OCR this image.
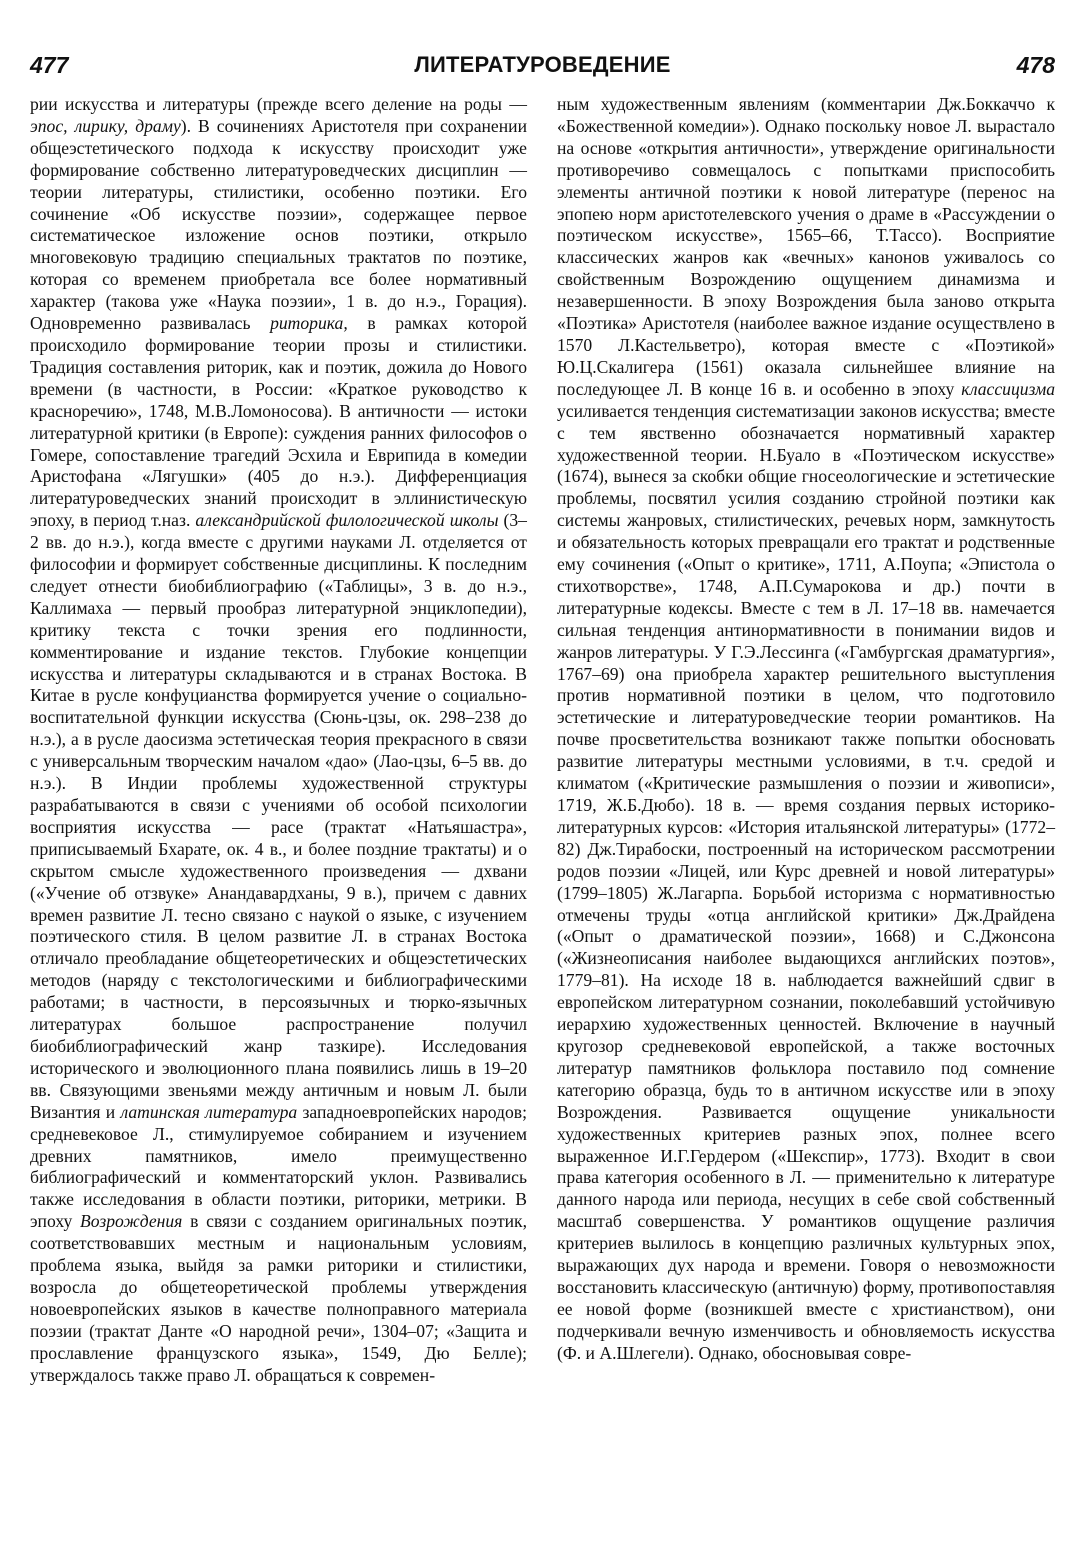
477	ЛИТЕРАТУРОВЕДЕНИЕ	478

рии искусства и литературы (прежде всего деление на роды — эпос, лирику, драму). В сочинениях Аристотеля при сохранении общеэстетического подхода к искусству происходит уже формирование собственно литературоведческих дисциплин — теории литературы, стилистики, особенно поэтики. Его сочинение «Об искусстве поэзии», содержащее первое систематическое изложение основ поэтики, открыло многовековую традицию специальных трактатов по поэтике, которая со временем приобретала все более нормативный характер (такова уже «Наука поэзии», 1 в. до н.э., Горация). Одновременно развивалась риторика, в рамках которой происходило формирование теории прозы и стилистики. Традиция составления риторик, как и поэтик, дожила до Нового времени (в частности, в России: «Краткое руководство к красноречию», 1748, М.В.Ломоносова). В античности — истоки литературной критики (в Европе): суждения ранних философов о Гомере, сопоставление трагедий Эсхила и Еврипида в комедии Аристофана «Лягушки» (405 до н.э.). Дифференциация литературоведческих знаний происходит в эллинистическую эпоху, в период т.наз. александрийской филологической школы (3–2 вв. до н.э.), когда вместе с другими науками Л. отделяется от философии и формирует собственные дисциплины. К последним следует отнести биобиблиографию («Таблицы», 3 в. до н.э., Каллимаха — первый прообраз литературной энциклопедии), критику текста с точки зрения его подлинности, комментирование и издание текстов. Глубокие концепции искусства и литературы складываются и в странах Востока. В Китае в русле конфуцианства формируется учение о социально-воспитательной функции искусства (Сюнь-цзы, ок. 298–238 до н.э.), а в русле даосизма эстетическая теория прекрасного в связи с универсальным творческим началом «дао» (Лао-цзы, 6–5 вв. до н.э.). В Индии проблемы художественной структуры разрабатываются в связи с учениями об особой психологии восприятия искусства — расе (трактат «Натьяшастра», приписываемый Бхарате, ок. 4 в., и более поздние трактаты) и о скрытом смысле художественного произведения — дхвани («Учение об отзвуке» Анандавардханы, 9 в.), причем с давних времен развитие Л. тесно связано с наукой о языке, с изучением поэтического стиля. В целом развитие Л. в странах Востока отличало преобладание общетеоретических и общеэстетических методов (наряду с текстологическими и библиографическими работами; в частности, в персоязычных и тюрко-язычных литературах большое распространение получил биобиблиографический жанр тазкире). Исследования исторического и эволюционного плана появились лишь в 19–20 вв. Связующими звеньями между античным и новым Л. были Византия и латинская литература западноевропейских народов; средневековое Л., стимулируемое собиранием и изучением древних памятников, имело преимущественно библиографический и комментаторский уклон. Развивались также исследования в области поэтики, риторики, метрики. В эпоху Возрождения в связи с созданием оригинальных поэтик, соответствовавших местным и национальным условиям, проблема языка, выйдя за рамки риторики и стилистики, возросла до общетеоретической проблемы утверждения новоевропейских языков в качестве полноправного материала поэзии (трактат Данте «О народной речи», 1304–07; «Защита и прославление французского языка», 1549, Дю Белле); утверждалось также право Л. обращаться к современ-

ным художественным явлениям (комментарии Дж.Боккаччо к «Божественной комедии»). Однако поскольку новое Л. вырастало на основе «открытия античности», утверждение оригинальности противоречиво совмещалось с попытками приспособить элементы античной поэтики к новой литературе (перенос на эпопею норм аристотелевского учения о драме в «Рассуждении о поэтическом искусстве», 1565–66, Т.Тассо). Восприятие классических жанров как «вечных» канонов уживалось со свойственным Возрождению ощущением динамизма и незавершенности. В эпоху Возрождения была заново открыта «Поэтика» Аристотеля (наиболее важное издание осуществлено в 1570 Л.Кастельветро), которая вместе с «Поэтикой» Ю.Ц.Скалигера (1561) оказала сильнейшее влияние на последующее Л. В конце 16 в. и особенно в эпоху классицизма усиливается тенденция систематизации законов искусства; вместе с тем явственно обозначается нормативный характер художественной теории. Н.Буало в «Поэтическом искусстве» (1674), вынеся за скобки общие гносеологические и эстетические проблемы, посвятил усилия созданию стройной поэтики как системы жанровых, стилистических, речевых норм, замкнутость и обязательность которых превращали его трактат и родственные ему сочинения («Опыт о критике», 1711, А.Поупа; «Эпистола о стихотворстве», 1748, А.П.Сумарокова и др.) почти в литературные кодексы. Вместе с тем в Л. 17–18 вв. намечается сильная тенденция антинормативности в понимании видов и жанров литературы. У Г.Э.Лессинга («Гамбургская драматургия», 1767–69) она приобрела характер решительного выступления против нормативной поэтики в целом, что подготовило эстетические и литературоведческие теории романтиков. На почве просветительства возникают также попытки обосновать развитие литературы местными условиями, в т.ч. средой и климатом («Критические размышления о поэзии и живописи», 1719, Ж.Б.Дюбо). 18 в. — время создания первых историко-литературных курсов: «История итальянской литературы» (1772–82) Дж.Тирабоски, построенный на историческом рассмотрении родов поэзии «Лицей, или Курс древней и новой литературы» (1799–1805) Ж.Лагарпа. Борьбой историзма с нормативностью отмечены труды «отца английской критики» Дж.Драйдена («Опыт о драматической поэзии», 1668) и С.Джонсона («Жизнеописания наиболее выдающихся английских поэтов», 1779–81). На исходе 18 в. наблюдается важнейший сдвиг в европейском литературном сознании, поколебавший устойчивую иерархию художественных ценностей. Включение в научный кругозор средневековой европейской, а также восточных литератур памятников фольклора поставило под сомнение категорию образца, будь то в античном искусстве или в эпоху Возрождения. Развивается ощущение уникальности художественных критериев разных эпох, полнее всего выраженное И.Г.Гердером («Шекспир», 1773). Входит в свои права категория особенного в Л. — применительно к литературе данного народа или периода, несущих в себе свой собственный масштаб совершенства. У романтиков ощущение различия критериев вылилось в концепцию различных культурных эпох, выражающих дух народа и времени. Говоря о невозможности восстановить классическую (античную) форму, противопоставляя ее новой форме (возникшей вместе с христианством), они подчеркивали вечную изменчивость и обновляемость искусства (Ф. и А.Шлегели). Однако, обосновывая совре-
